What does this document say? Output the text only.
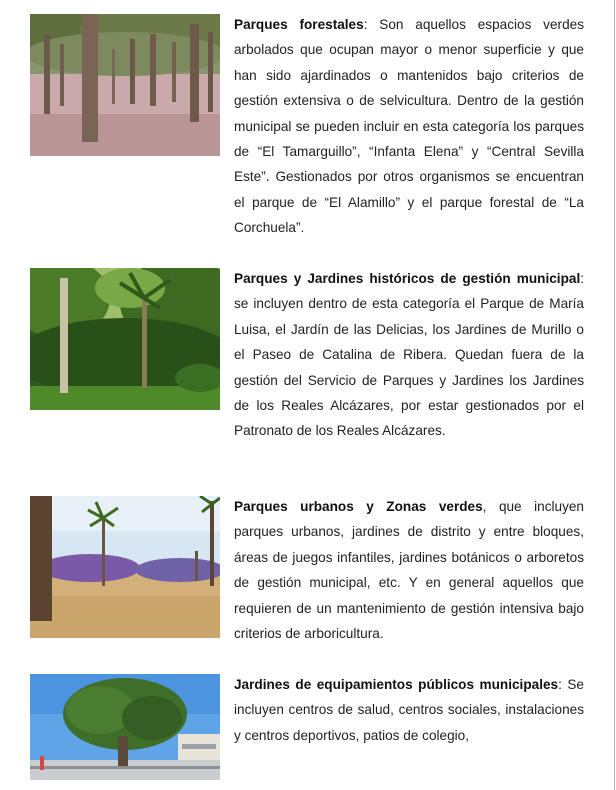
Parques forestales: Son aquellos espacios verdes arbolados que ocupan mayor o menor superficie y que han sido ajardinados o mantenidos bajo criterios de gestión extensiva o de selvicultura. Dentro de la gestión municipal se pueden incluir en esta categoría los parques de “El Tamarguillo”, “Infanta Elena” y “Central Sevilla Este”. Gestionados por otros organismos se encuentran el parque de “El Alamillo” y el parque forestal de “La Corchuela”.

Parques y Jardines históricos de gestión municipal: se incluyen dentro de esta categoría el Parque de María Luisa, el Jardín de las Delicias, los Jardines de Murillo o el Paseo de Catalina de Ribera. Quedan fuera de la gestión del Servicio de Parques y Jardines los Jardines de los Reales Alcázares, por estar gestionados por el Patronato de los Reales Alcázares.

Parques urbanos y Zonas verdes, que incluyen parques urbanos, jardines de distrito y entre bloques, áreas de juegos infantiles, jardines botánicos o arboretos de gestión municipal, etc. Y en general aquellos que requieren de un mantenimiento de gestión intensiva bajo criterios de arboricultura.

Jardines de equipamientos públicos municipales: Se incluyen centros de salud, centros sociales, instalaciones y centros deportivos, patios de colegio,
